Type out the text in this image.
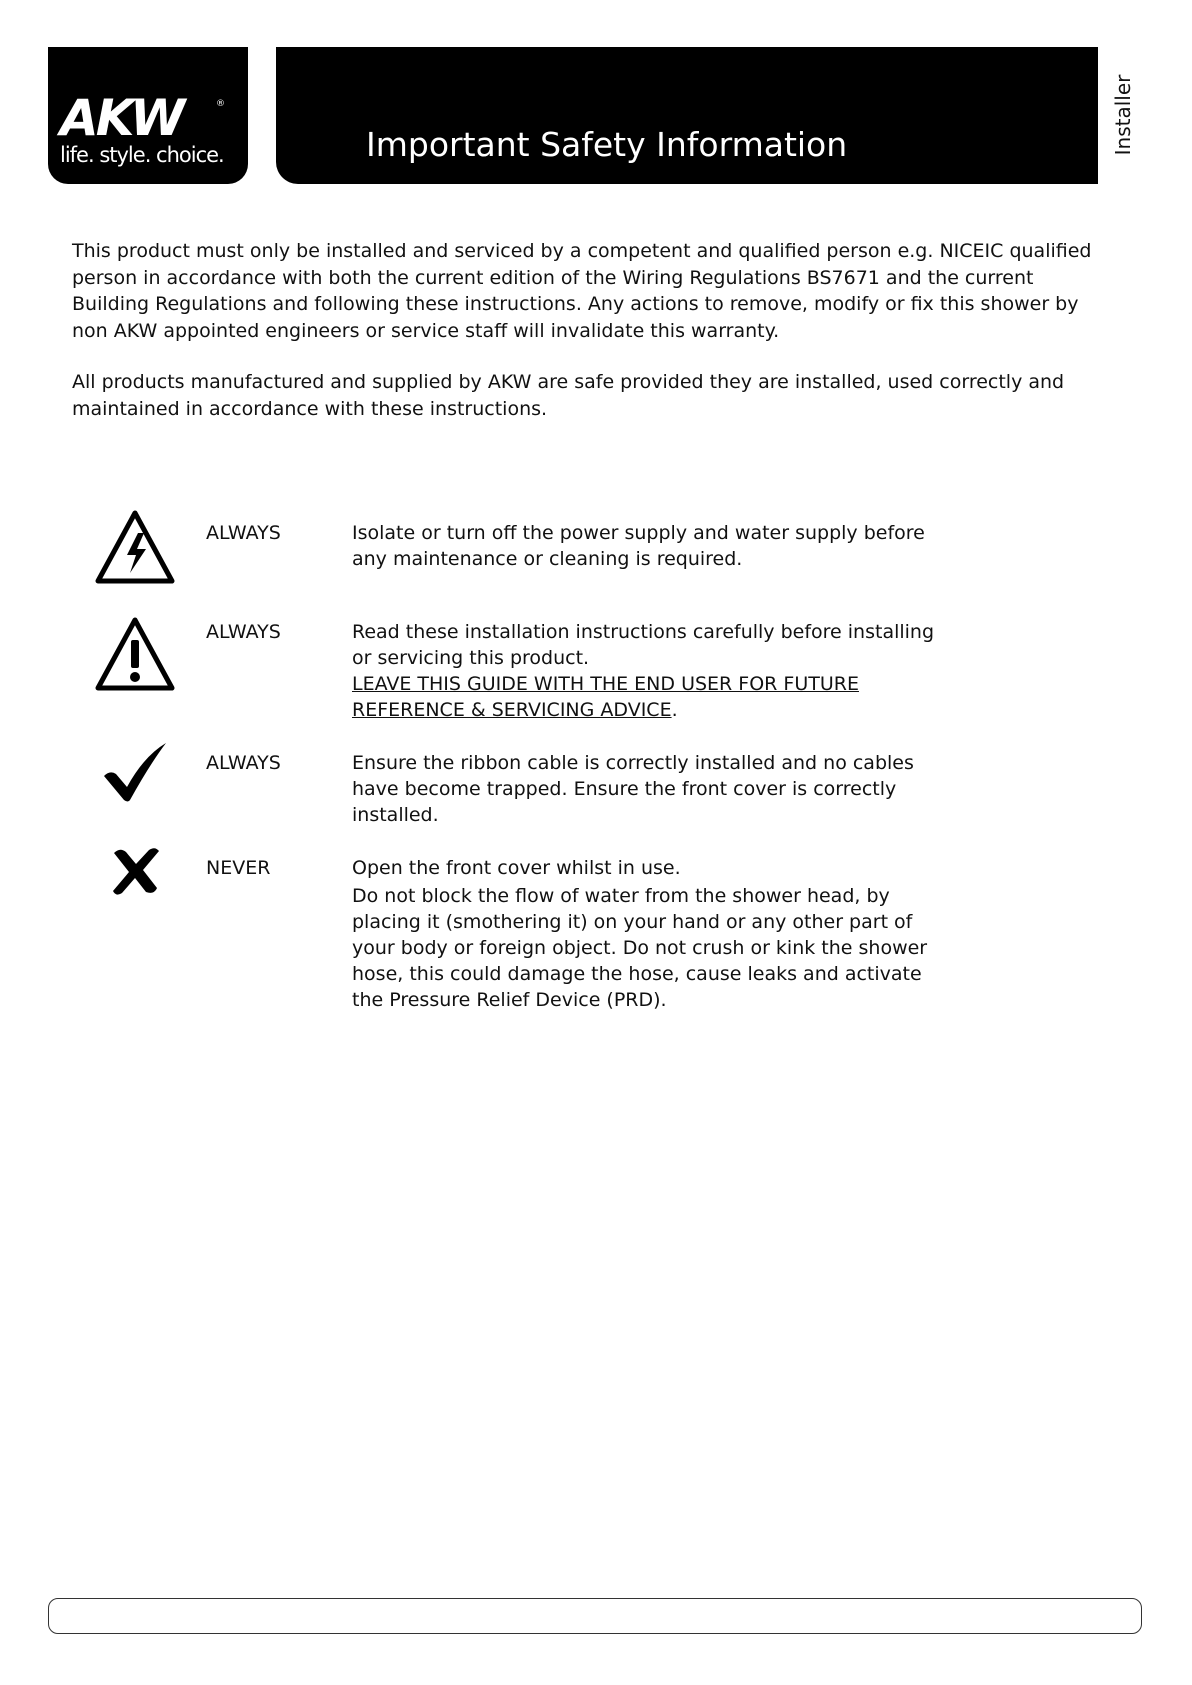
AKW	®
life. style. choice.	Important Safety Information	Installer

This product must only be installed and serviced by a competent and qualified person e.g. NICEIC qualified person in accordance with both the current edition of the Wiring Regulations BS7671 and the current Building Regulations and following these instructions. Any actions to remove, modify or fix this shower by non AKW appointed engineers or service staff will invalidate this warranty.

All products manufactured and supplied by AKW are safe provided they are installed, used correctly and maintained in accordance with these instructions.

ALWAYS	Isolate or turn off the power supply and water supply before any maintenance or cleaning is required.
ALWAYS	Read these installation instructions carefully before installing or servicing this product.
LEAVE THIS GUIDE WITH THE END USER FOR FUTURE REFERENCE & SERVICING ADVICE.
ALWAYS	Ensure the ribbon cable is correctly installed and no cables have become trapped. Ensure the front cover is correctly installed.
NEVER	Open the front cover whilst in use.
Do not block the flow of water from the shower head, by placing it (smothering it) on your hand or any other part of your body or foreign object. Do not crush or kink the shower hose, this could damage the hose, cause leaks and activate the Pressure Relief Device (PRD).
